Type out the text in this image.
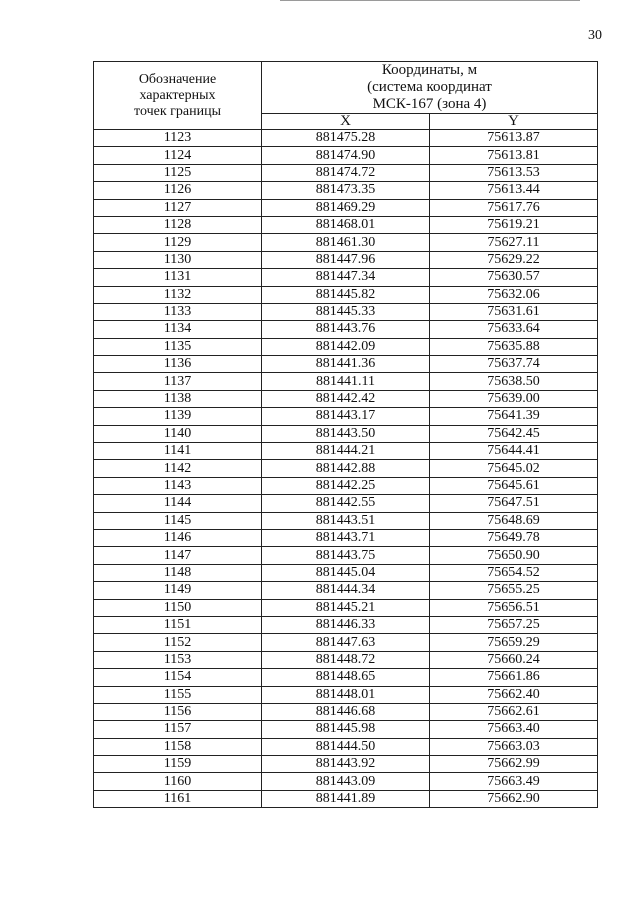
30
Обозначение
характерных
точек границы	Координаты, м
(система координат
МСК-167 (зона 4)	
	X	Y
1123	881475.28	75613.87
1124	881474.90	75613.81
1125	881474.72	75613.53
1126	881473.35	75613.44
1127	881469.29	75617.76
1128	881468.01	75619.21
1129	881461.30	75627.11
1130	881447.96	75629.22
1131	881447.34	75630.57
1132	881445.82	75632.06
1133	881445.33	75631.61
1134	881443.76	75633.64
1135	881442.09	75635.88
1136	881441.36	75637.74
1137	881441.11	75638.50
1138	881442.42	75639.00
1139	881443.17	75641.39
1140	881443.50	75642.45
1141	881444.21	75644.41
1142	881442.88	75645.02
1143	881442.25	75645.61
1144	881442.55	75647.51
1145	881443.51	75648.69
1146	881443.71	75649.78
1147	881443.75	75650.90
1148	881445.04	75654.52
1149	881444.34	75655.25
1150	881445.21	75656.51
1151	881446.33	75657.25
1152	881447.63	75659.29
1153	881448.72	75660.24
1154	881448.65	75661.86
1155	881448.01	75662.40
1156	881446.68	75662.61
1157	881445.98	75663.40
1158	881444.50	75663.03
1159	881443.92	75662.99
1160	881443.09	75663.49
1161	881441.89	75662.90
